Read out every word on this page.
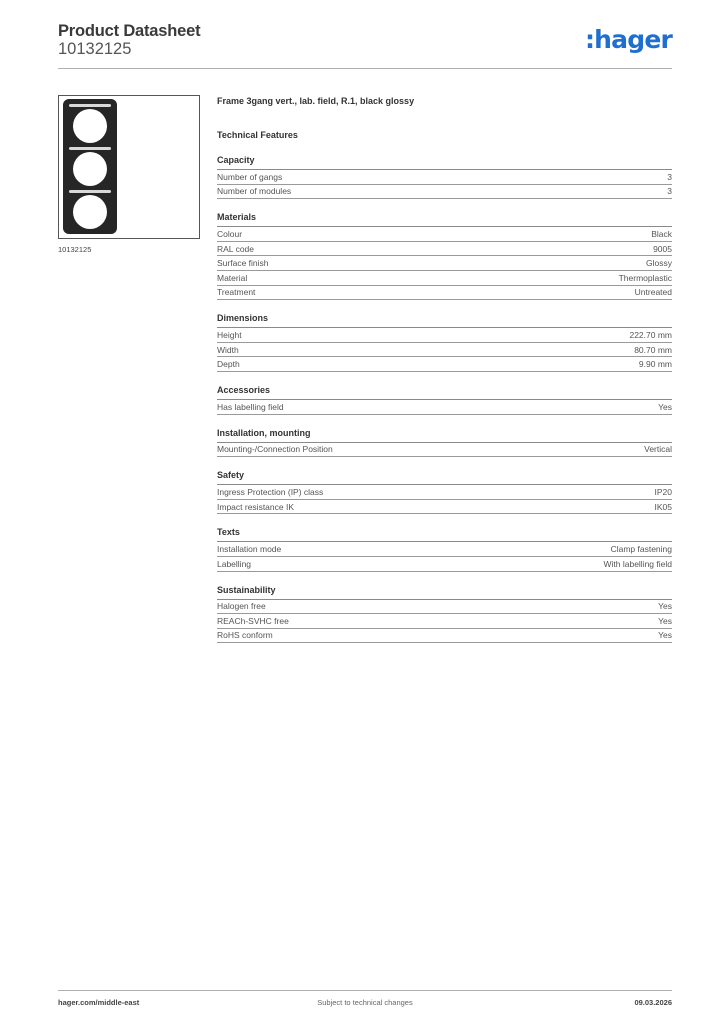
Product Datasheet
10132125	:hager
10132125
Frame 3gang vert., lab. field, R.1, black glossy
Technical Features
Capacity
Number of gangs	3
Number of modules	3
Materials
Colour	Black
RAL code	9005
Surface finish	Glossy
Material	Thermoplastic
Treatment	Untreated
Dimensions
Height	222.70 mm
Width	80.70 mm
Depth	9.90 mm
Accessories
Has labelling field	Yes
Installation, mounting
Mounting-/Connection Position	Vertical
Safety
Ingress Protection (IP) class	IP20
Impact resistance IK	IK05
Texts
Installation mode	Clamp fastening
Labelling	With labelling field
Sustainability
Halogen free	Yes
REACh-SVHC free	Yes
RoHS conform	Yes
hager.com/middle-east	Subject to technical changes	09.03.2026
